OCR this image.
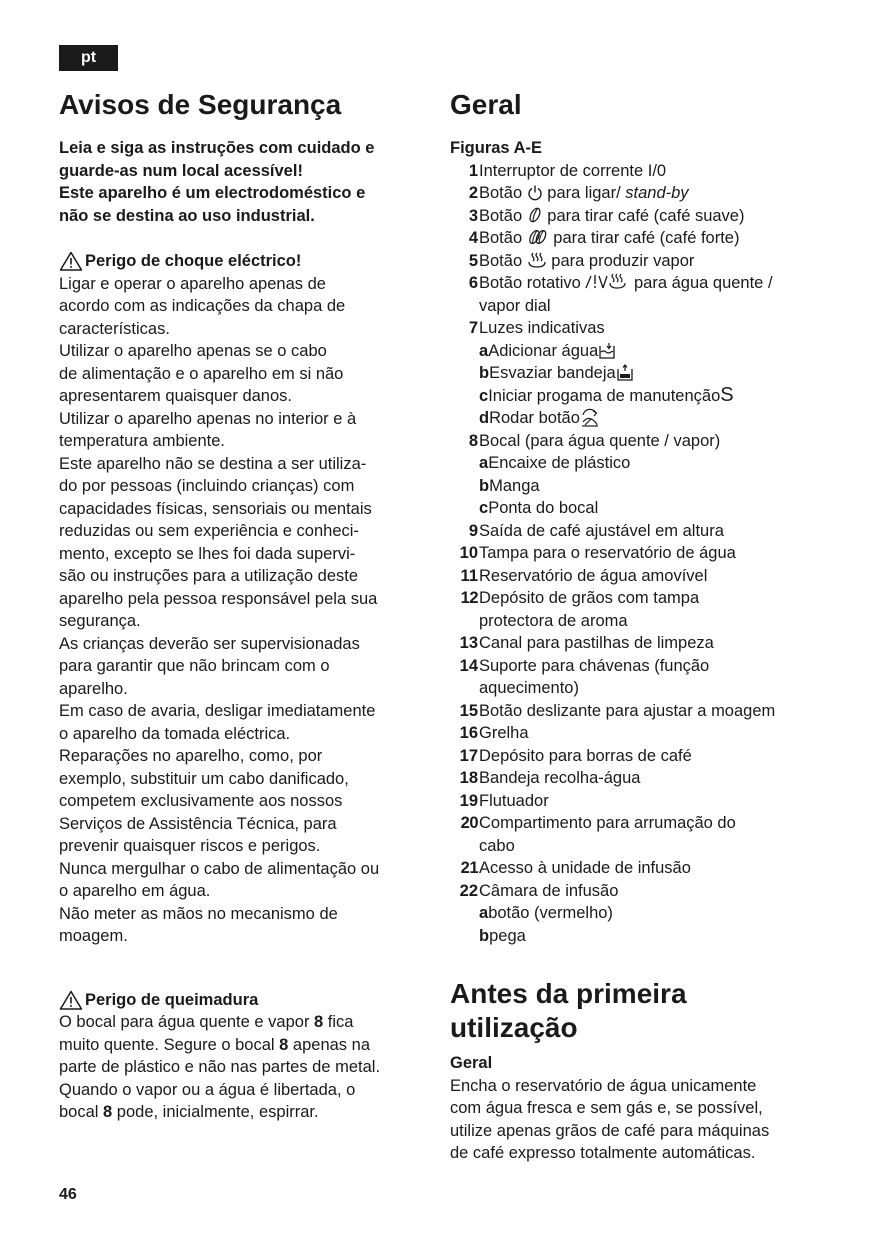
pt
Avisos de Segurança
Leia e siga as instruções com cuidado e
guarde-as num local acessível!
Este aparelho é um electrodoméstico e
não se destina ao uso industrial.
Perigo de choque eléctrico!
Ligar e operar o aparelho apenas de
acordo com as indicações da chapa de
características.
Utilizar o aparelho apenas se o cabo
de alimentação e o aparelho em si não
apresentarem quaisquer danos.
Utilizar o aparelho apenas no interior e à
temperatura ambiente.
Este aparelho não se destina a ser utiliza-
do por pessoas (incluindo crianças) com
capacidades físicas, sensoriais ou mentais
reduzidas ou sem experiência e conheci-
mento, excepto se lhes foi dada supervi-
são ou instruções para a utilização deste
aparelho pela pessoa responsável pela sua
segurança.
As crianças deverão ser supervisionadas
para garantir que não brincam com o
aparelho.
Em caso de avaria, desligar imediatamente
o aparelho da tomada eléctrica.
Reparações no aparelho, como, por
exemplo, substituir um cabo danificado,
competem exclusivamente aos nossos
Serviços de Assistência Técnica, para
prevenir quaisquer riscos e perigos.
Nunca mergulhar o cabo de alimentação ou
o aparelho em água.
Não meter as mãos no mecanismo de
moagem.
Perigo de queimadura
O bocal para água quente e vapor 8 fica
muito quente. Segure o bocal 8 apenas na
parte de plástico e não nas partes de metal.
Quando o vapor ou a água é libertada, o
bocal 8 pode, inicialmente, espirrar.
Geral
Figuras A-E
1 Interruptor de corrente I/0
2 Botão  para ligar/ stand-by
3 Botão  para tirar café (café suave)
4 Botão  para tirar café (café forte)
5 Botão  para produzir vapor
6 Botão rotativo	para água quente /
vapor dial
7 Luzes indicativas
a Adicionar água
b Esvaziar bandeja
c Iniciar progama de manutenção S
d Rodar botão
8 Bocal (para água quente / vapor)
a Encaixe de plástico
b Manga
c Ponta do bocal
9 Saída de café ajustável em altura
10 Tampa para o reservatório de água
11 Reservatório de água amovível
12 Depósito de grãos com tampa
protectora de aroma
13 Canal para pastilhas de limpeza
14 Suporte para chávenas (função
aquecimento)
15 Botão deslizante para ajustar a moagem
16 Grelha
17 Depósito para borras de café
18 Bandeja recolha-água
19 Flutuador
20 Compartimento para arrumação do
cabo
21 Acesso à unidade de infusão
22 Câmara de infusão
a botão (vermelho)
b pega
Antes da primeira
utilização
Geral
Encha o reservatório de água unicamente
com água fresca e sem gás e, se possível,
utilize apenas grãos de café para máquinas
de café expresso totalmente automáticas.
46
